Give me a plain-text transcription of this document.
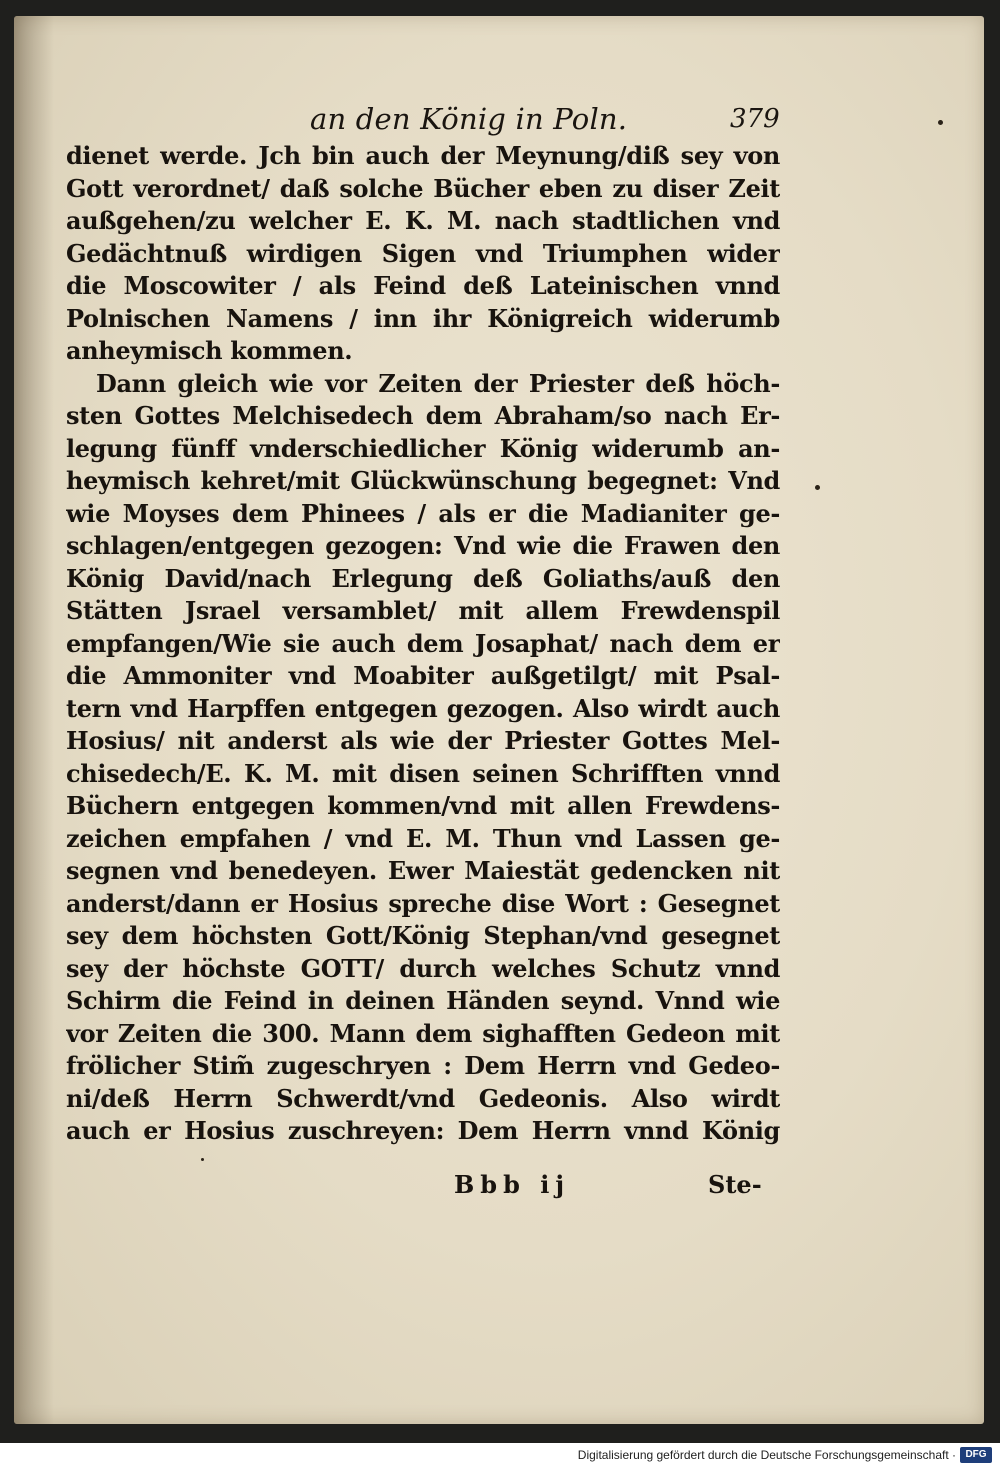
an den König in Poln.	379
dienet werde. Jch bin auch der Meynung/diß sey von
Gott verordnet/ daß solche Bücher eben zu diser Zeit
außgehen/zu welcher E. K. M. nach stadtlichen vnd
Gedächtnuß wirdigen Sigen vnd Triumphen wider
die Moscowiter / als Feind deß Lateinischen vnnd
Polnischen Namens / inn ihr Königreich widerumb
anheymisch kommen.
Dann gleich wie vor Zeiten der Priester deß höch-
sten Gottes Melchisedech dem Abraham/so nach Er-
legung fünff vnderschiedlicher König widerumb an-
heymisch kehret/mit Glückwünschung begegnet: Vnd
wie Moyses dem Phinees / als er die Madianiter ge-
schlagen/entgegen gezogen: Vnd wie die Frawen den
König David/nach Erlegung deß Goliaths/auß den
Stätten Jsrael versamblet/ mit allem Frewdenspil
empfangen/Wie sie auch dem Josaphat/ nach dem er
die Ammoniter vnd Moabiter außgetilgt/ mit Psal-
tern vnd Harpffen entgegen gezogen. Also wirdt auch
Hosius/ nit anderst als wie der Priester Gottes Mel-
chisedech/E. K. M. mit disen seinen Schrifften vnnd
Büchern entgegen kommen/vnd mit allen Frewdens-
zeichen empfahen / vnd E. M. Thun vnd Lassen ge-
segnen vnd benedeyen. Ewer Maiestät gedencken nit
anderst/dann er Hosius spreche dise Wort : Gesegnet
sey dem höchsten Gott/König Stephan/vnd gesegnet
sey der höchste GOTT/ durch welches Schutz vnnd
Schirm die Feind in deinen Händen seynd. Vnnd wie
vor Zeiten die 300. Mann dem sighafften Gedeon mit
frölicher Stim̃ zugeschryen : Dem Herrn vnd Gedeo-
ni/deß Herrn Schwerdt/vnd Gedeonis. Also wirdt
auch er Hosius zuschreyen: Dem Herrn vnnd König
Bbb ij	Ste-
Digitalisierung gefördert durch die Deutsche Forschungsgemeinschaft · DFG
